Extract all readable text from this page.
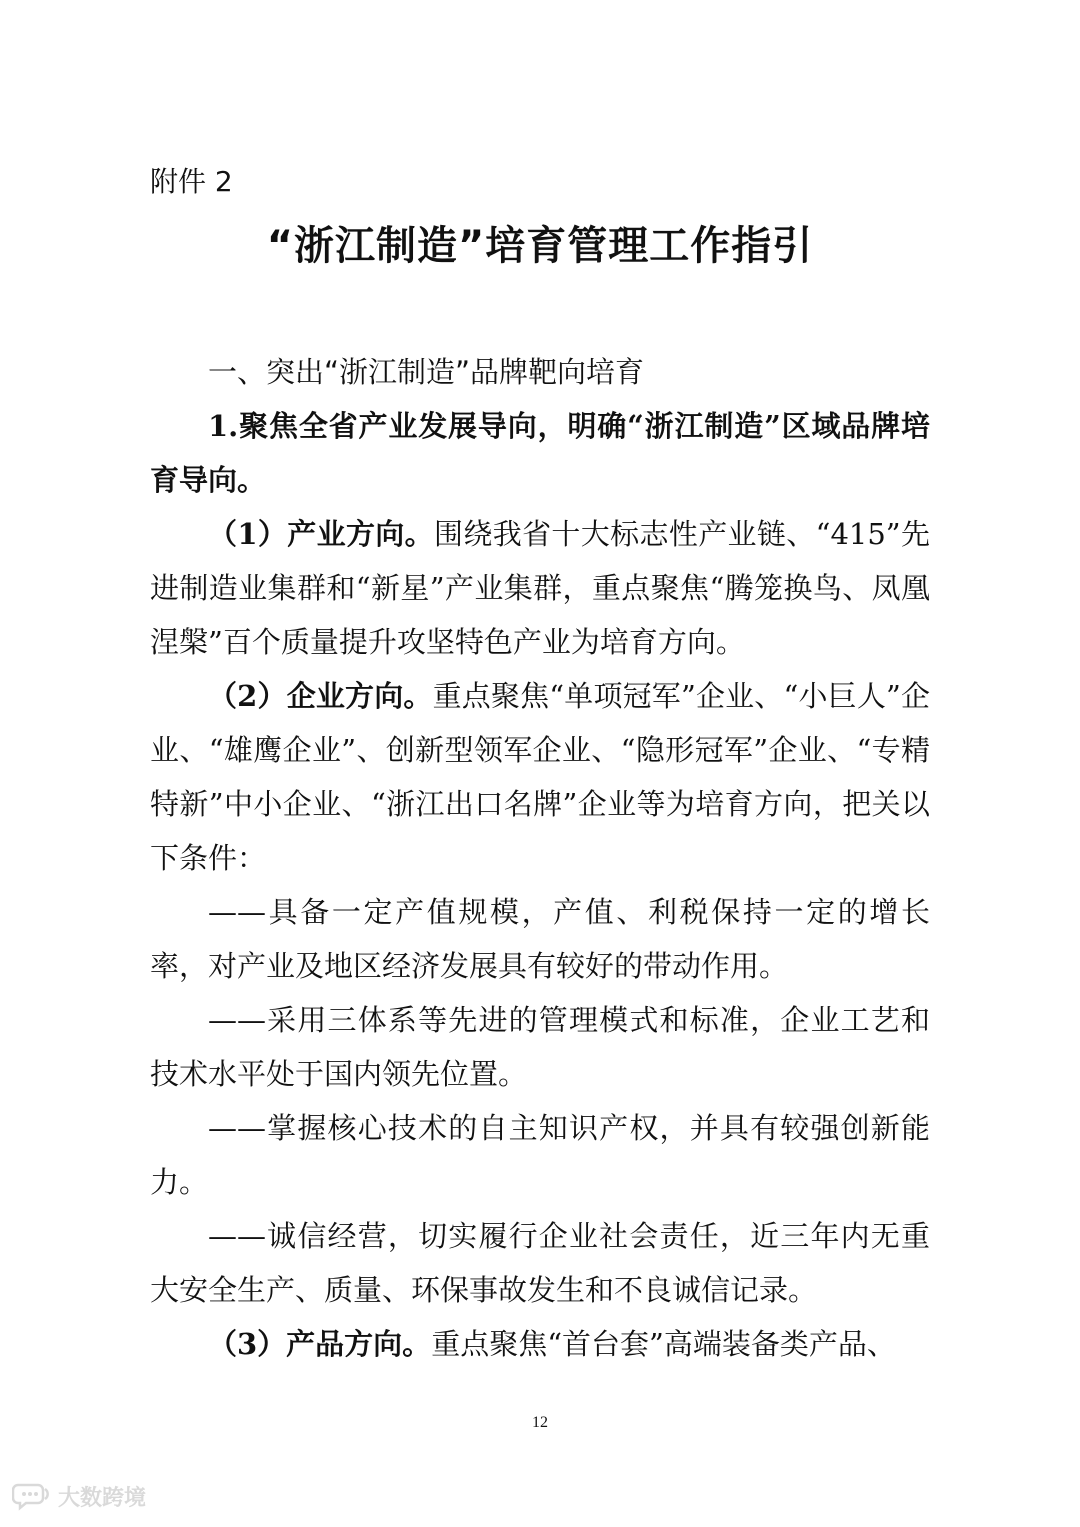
附件 2
“浙江制造”培育管理工作指引

一、突出“浙江制造”品牌靶向培育

1.聚焦全省产业发展导向，明确“浙江制造”区域品牌培育导向。

（1）产业方向。围绕我省十大标志性产业链、“415”先进制造业集群和“新星”产业集群，重点聚焦“腾笼换鸟、凤凰涅槃”百个质量提升攻坚特色产业为培育方向。

（2）企业方向。重点聚焦“单项冠军”企业、“小巨人”企业、“雄鹰企业”、创新型领军企业、“隐形冠军”企业、“专精特新”中小企业、“浙江出口名牌”企业等为培育方向，把关以下条件：

——具备一定产值规模，产值、利税保持一定的增长率，对产业及地区经济发展具有较好的带动作用。

——采用三体系等先进的管理模式和标准，企业工艺和技术水平处于国内领先位置。

——掌握核心技术的自主知识产权，并具有较强创新能力。

——诚信经营，切实履行企业社会责任，近三年内无重大安全生产、质量、环保事故发生和不良诚信记录。

（3）产品方向。重点聚焦“首台套”高端装备类产品、

12
大数跨境
